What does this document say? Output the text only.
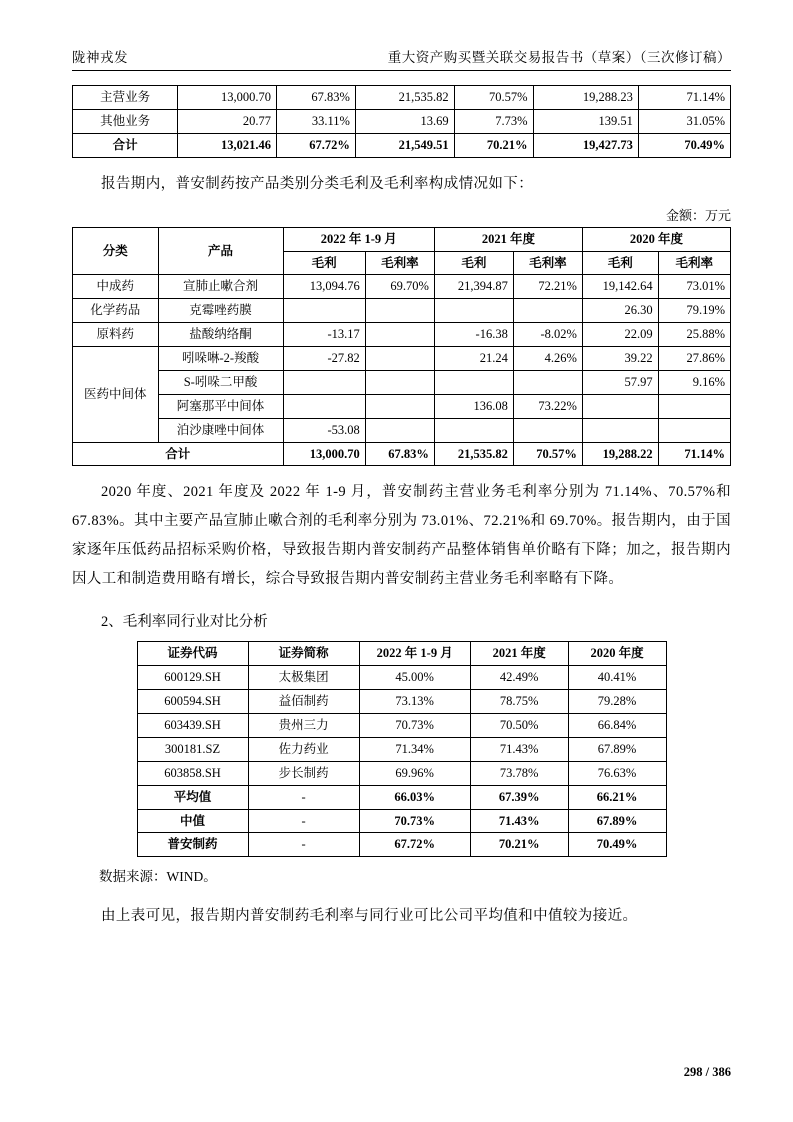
陇神戎发	重大资产购买暨关联交易报告书（草案）（三次修订稿）
主营业务	13,000.70	67.83%	21,535.82	70.57%	19,288.23	71.14%
其他业务	20.77	33.11%	13.69	7.73%	139.51	31.05%
合计	13,021.46	67.72%	21,549.51	70.21%	19,427.73	70.49%

报告期内，普安制药按产品类别分类毛利及毛利率构成情况如下：

金额：万元
分类	产品	2022 年 1-9 月		2021 年度		2020 年度	
		毛利	毛利率	毛利	毛利率	毛利	毛利率
中成药	宣肺止嗽合剂	13,094.76	69.70%	21,394.87	72.21%	19,142.64	73.01%
化学药品	克霉唑药膜					26.30	79.19%
原料药	盐酸纳络酮	-13.17		-16.38	-8.02%	22.09	25.88%
医药中间体	吲哚啉-2-羧酸	-27.82		21.24	4.26%	39.22	27.86%
	S-吲哚二甲酸					57.97	9.16%
	阿塞那平中间体			136.08	73.22%		
	泊沙康唑中间体	-53.08					
合计		13,000.70	67.83%	21,535.82	70.57%	19,288.22	71.14%

2020 年度、2021 年度及 2022 年 1-9 月，普安制药主营业务毛利率分别为 71.14%、70.57%和 67.83%。其中主要产品宣肺止嗽合剂的毛利率分别为 73.01%、72.21%和 69.70%。报告期内，由于国家逐年压低药品招标采购价格，导致报告期内普安制药产品整体销售单价略有下降；加之，报告期内因人工和制造费用略有增长，综合导致报告期内普安制药主营业务毛利率略有下降。

2、毛利率同行业对比分析
证券代码	证券简称	2022 年 1-9 月	2021 年度	2020 年度
600129.SH	太极集团	45.00%	42.49%	40.41%
600594.SH	益佰制药	73.13%	78.75%	79.28%
603439.SH	贵州三力	70.73%	70.50%	66.84%
300181.SZ	佐力药业	71.34%	71.43%	67.89%
603858.SH	步长制药	69.96%	73.78%	76.63%
平均值	-	66.03%	67.39%	66.21%
中值	-	70.73%	71.43%	67.89%
普安制药	-	67.72%	70.21%	70.49%

数据来源：WIND。

由上表可见，报告期内普安制药毛利率与同行业可比公司平均值和中值较为接近。

298 / 386
